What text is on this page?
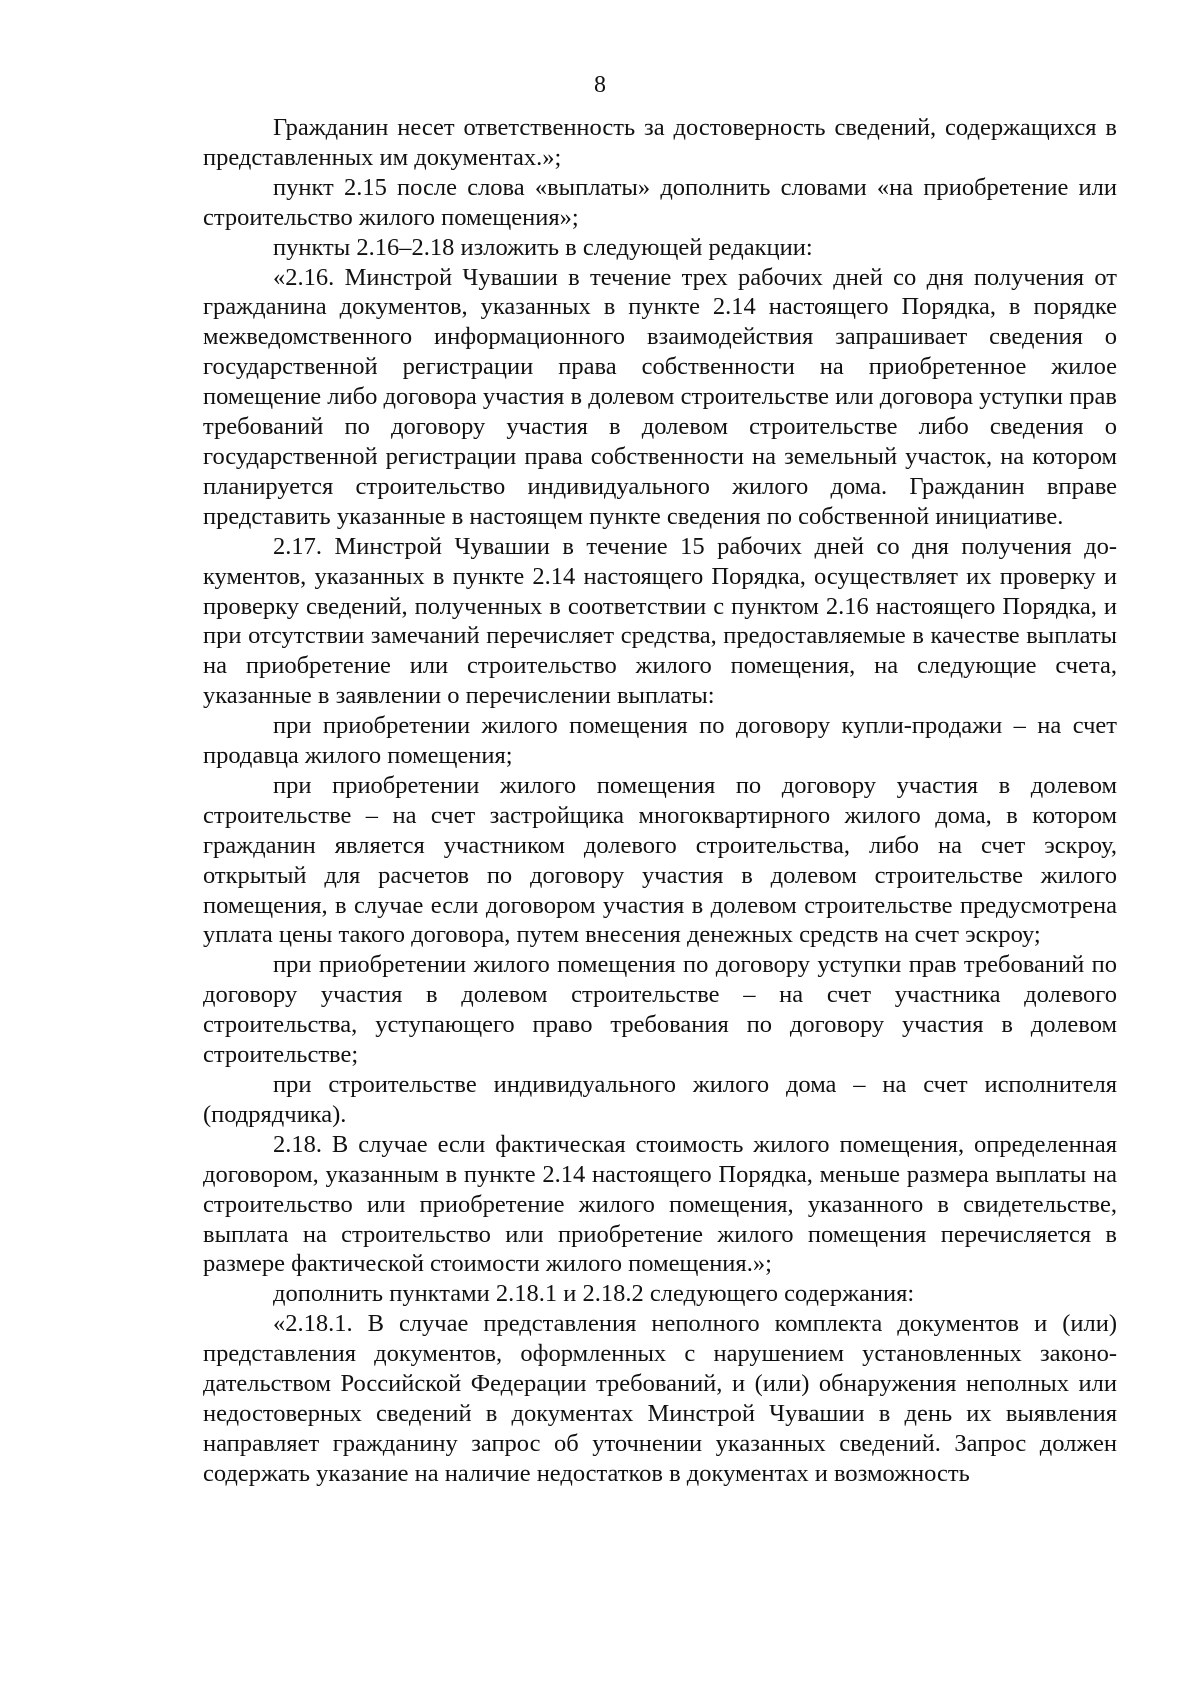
8

Гражданин несет ответственность за достоверность сведений, содержащихся в представленных им документах.»;

пункт 2.15 после слова «выплаты» дополнить словами «на приобретение или строительство жилого помещения»;

пункты 2.16–2.18 изложить в следующей редакции:

«2.16. Минстрой Чувашии в течение трех рабочих дней со дня получения от гражданина документов, указанных в пункте 2.14 настоящего Порядка, в порядке межведомственного информационного взаимодействия запрашивает сведения о государственной регистрации права собственности на приобретенное жилое помещение либо договора участия в долевом строительстве или договора уступки прав требований по договору участия в долевом строительстве либо сведения о государственной регистрации права собственности на земельный участок, на котором планируется строительство индивидуального жилого дома. Гражданин вправе представить указанные в настоящем пункте сведения по собственной инициативе.

2.17. Минстрой Чувашии в течение 15 рабочих дней со дня получения документов, указанных в пункте 2.14 настоящего Порядка, осуществляет их проверку и проверку сведений, полученных в соответствии с пунктом 2.16 настоящего Порядка, и при отсутствии замечаний перечисляет средства, предоставляемые в качестве выплаты на приобретение или строительство жилого помещения, на следующие счета, указанные в заявлении о перечислении выплаты:

при приобретении жилого помещения по договору купли-продажи – на счет продавца жилого помещения;

при приобретении жилого помещения по договору участия в долевом строительстве – на счет застройщика многоквартирного жилого дома, в котором гражданин является участником долевого строительства, либо на счет эскроу, открытый для расчетов по договору участия в долевом строительстве жилого помещения, в случае если договором участия в долевом строительстве предусмотрена уплата цены такого договора, путем внесения денежных средств на счет эскроу;

при приобретении жилого помещения по договору уступки прав требований по договору участия в долевом строительстве – на счет участника долевого строительства, уступающего право требования по договору участия в долевом строительстве;

при строительстве индивидуального жилого дома – на счет исполнителя (подрядчика).

2.18. В случае если фактическая стоимость жилого помещения, определенная договором, указанным в пункте 2.14 настоящего Порядка, меньше размера выплаты на строительство или приобретение жилого помещения, указанного в свидетельстве, выплата на строительство или приобретение жилого помещения перечисляется в размере фактической стоимости жилого помещения.»;

дополнить пунктами 2.18.1 и 2.18.2 следующего содержания:

«2.18.1. В случае представления неполного комплекта документов и (или) представления документов, оформленных с нарушением установленных законодательством Российской Федерации требований, и (или) обнаружения неполных или недостоверных сведений в документах Минстрой Чувашии в день их выявления направляет гражданину запрос об уточнении указанных сведений. Запрос должен содержать указание на наличие недостатков в документах и возможность
